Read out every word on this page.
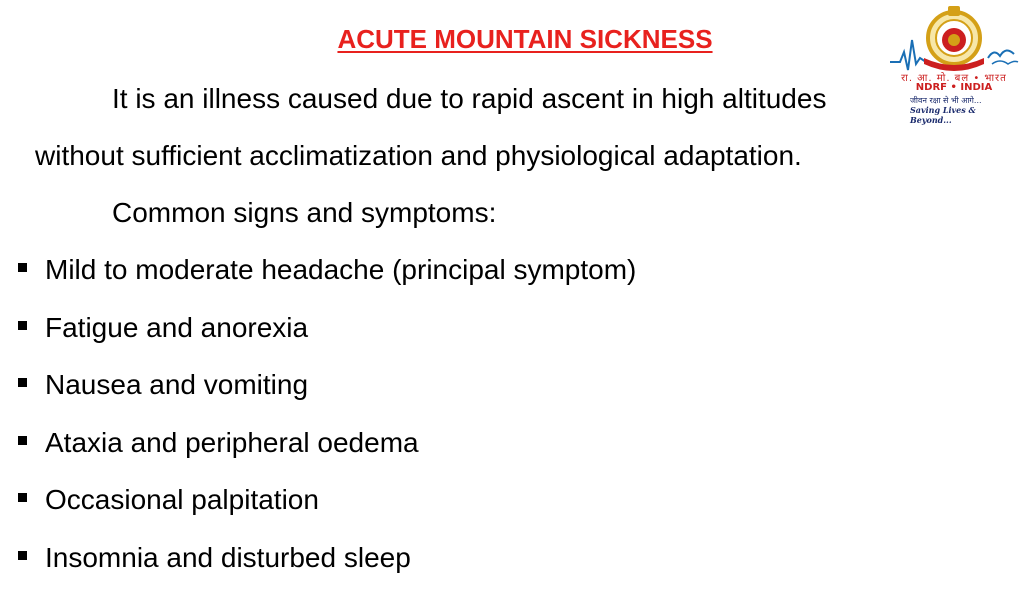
ACUTE MOUNTAIN SICKNESS
It is an illness caused due to rapid ascent in high altitudes
without sufficient acclimatization and physiological adaptation.
Common signs and symptoms:
Mild to moderate headache (principal symptom)
Fatigue and anorexia
Nausea and vomiting
Ataxia and peripheral oedema
Occasional palpitation
Insomnia and disturbed sleep
रा. आ. मो. बल • भारत
NDRF • INDIA
जीवन रक्षा से भी आगे...
Saving Lives & Beyond...
